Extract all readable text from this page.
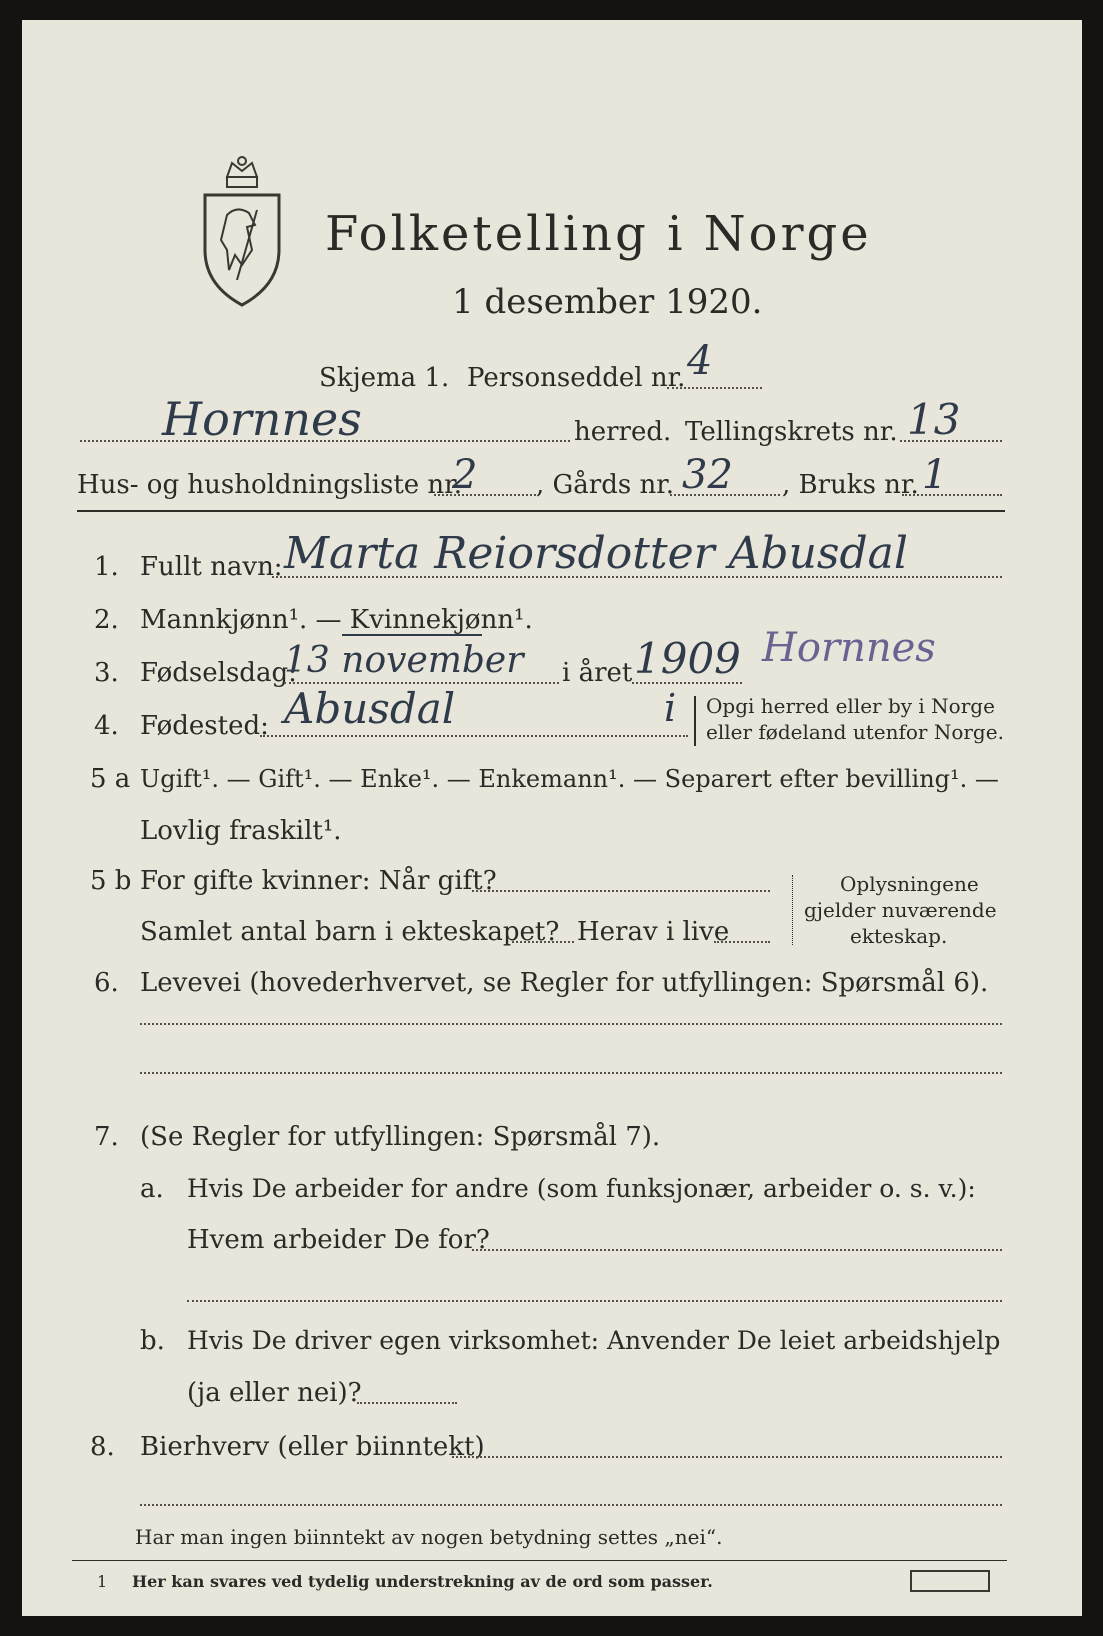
Folketelling i Norge
1 desember 1920.
Skjema 1. Personseddel nr. 4
Hornnes	herred. Tellingskrets nr. 13
Hus- og husholdningsliste nr.
2 , Gårds nr. 32 , Bruks nr. 1
1. Fullt navn: Marta Reiorsdotter Abusdal
2. Mannkjønn¹. — Kvinnekjønn¹.
3. Fødselsdag:
13 november i året 1909 Hornnes
4. Fødested: Abusdal	i Opgi herred eller by i Norge
eller fødeland utenfor Norge.
5 a Ugift¹. — Gift¹. — Enke¹. — Enkemann¹. — Separert efter bevilling¹. —
Lovlig fraskilt¹.
5 b For gifte kvinner: Når gift?
Samlet antal barn i ekteskapet? Herav i live
Oplysningene
gjelder nuværende
ekteskap.
6. Levevei (hovederhvervet, se Regler for utfyllingen: Spørsmål 6).
7. (Se Regler for utfyllingen: Spørsmål 7).
a. Hvis De arbeider for andre (som funksjonær, arbeider o. s. v.):
Hvem arbeider De for?
b. Hvis De driver egen virksomhet: Anvender De leiet arbeidshjelp
(ja eller nei)?
8. Bierhverv (eller biinntekt)
Har man ingen biinntekt av nogen betydning settes „nei“.
1 Her kan svares ved tydelig understrekning av de ord som passer.
